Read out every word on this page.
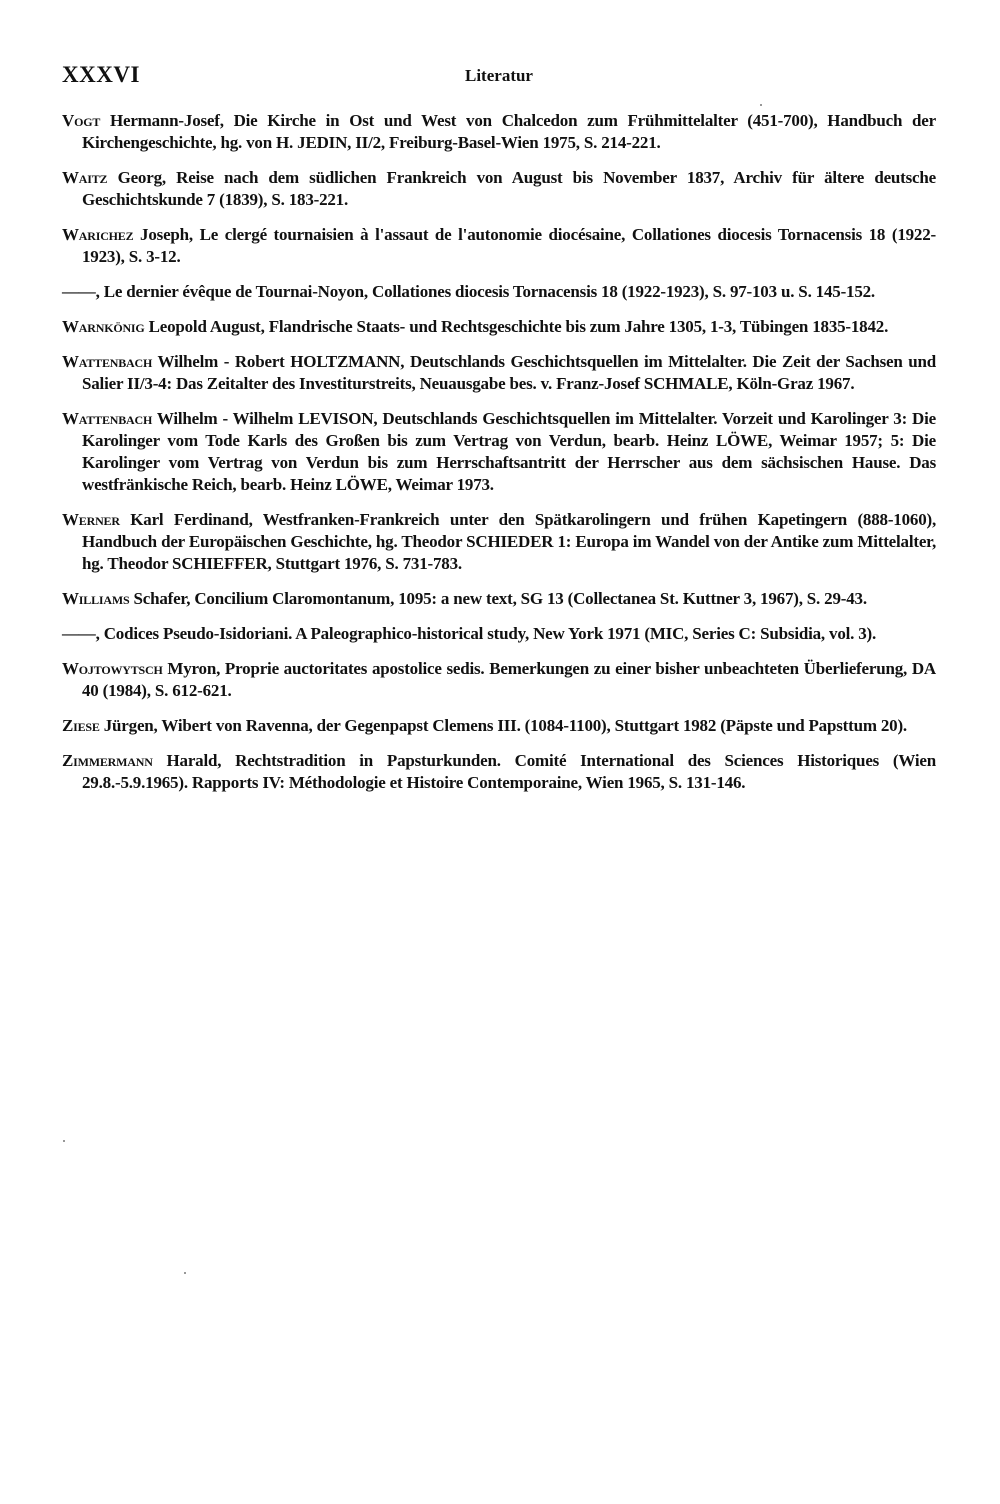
XXXVI	Literatur
Vogt Hermann-Josef, Die Kirche in Ost und West von Chalcedon zum Frühmittelalter (451-700), Handbuch der Kirchengeschichte, hg. von H. JEDIN, II/2, Freiburg-Basel-Wien 1975, S. 214-221.
Waitz Georg, Reise nach dem südlichen Frankreich von August bis November 1837, Archiv für ältere deutsche Geschichtskunde 7 (1839), S. 183-221.
Warichez Joseph, Le clergé tournaisien à l'assaut de l'autonomie diocésaine, Collationes diocesis Tornacensis 18 (1922-1923), S. 3-12.
——, Le dernier évêque de Tournai-Noyon, Collationes diocesis Tornacensis 18 (1922-1923), S. 97-103 u. S. 145-152.
Warnkönig Leopold August, Flandrische Staats- und Rechtsgeschichte bis zum Jahre 1305, 1-3, Tübingen 1835-1842.
Wattenbach Wilhelm - Robert HOLTZMANN, Deutschlands Geschichtsquellen im Mittelalter. Die Zeit der Sachsen und Salier II/3-4: Das Zeitalter des Investiturstreits, Neuausgabe bes. v. Franz-Josef SCHMALE, Köln-Graz 1967.
Wattenbach Wilhelm - Wilhelm LEVISON, Deutschlands Geschichtsquellen im Mittelalter. Vorzeit und Karolinger 3: Die Karolinger vom Tode Karls des Großen bis zum Vertrag von Verdun, bearb. Heinz LÖWE, Weimar 1957; 5: Die Karolinger vom Vertrag von Verdun bis zum Herrschaftsantritt der Herrscher aus dem sächsischen Hause. Das westfränkische Reich, bearb. Heinz LÖWE, Weimar 1973.
Werner Karl Ferdinand, Westfranken-Frankreich unter den Spätkarolingern und frühen Kapetingern (888-1060), Handbuch der Europäischen Geschichte, hg. Theodor SCHIEDER 1: Europa im Wandel von der Antike zum Mittelalter, hg. Theodor SCHIEFFER, Stuttgart 1976, S. 731-783.
Williams Schafer, Concilium Claromontanum, 1095: a new text, SG 13 (Collectanea St. Kuttner 3, 1967), S. 29-43.
——, Codices Pseudo-Isidoriani. A Paleographico-historical study, New York 1971 (MIC, Series C: Subsidia, vol. 3).
Wojtowytsch Myron, Proprie auctoritates apostolice sedis. Bemerkungen zu einer bisher unbeachteten Überlieferung, DA 40 (1984), S. 612-621.
Ziese Jürgen, Wibert von Ravenna, der Gegenpapst Clemens III. (1084-1100), Stuttgart 1982 (Päpste und Papsttum 20).
Zimmermann Harald, Rechtstradition in Papsturkunden. Comité International des Sciences Historiques (Wien 29.8.-5.9.1965). Rapports IV: Méthodologie et Histoire Contemporaine, Wien 1965, S. 131-146.
